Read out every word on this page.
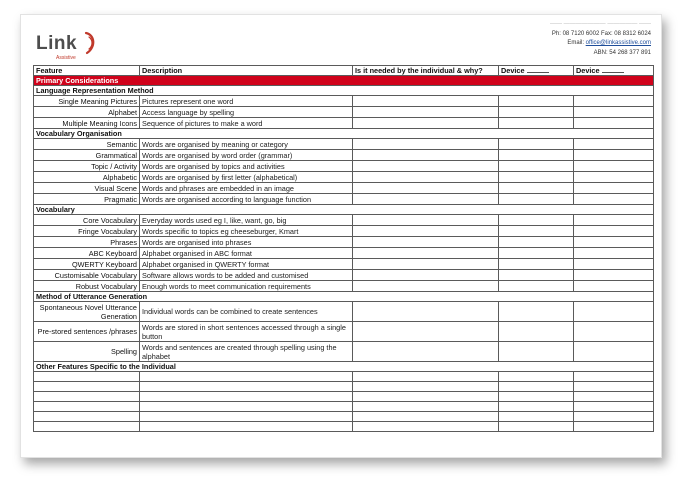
Link
Assistive
—— ——————— ————— ——
Ph: 08 7120 6002 Fax: 08 8312 6024
Email: office@linkassistive.com
ABN: 54 268 377 891
Feature	Description	Is it needed by the individual & why?	Device	Device
Primary Considerations				
Language Representation Method				
Single Meaning Pictures	Pictures represent one word			
Alphabet	Access language by spelling			
Multiple Meaning Icons	Sequence of pictures to make a word			
Vocabulary Organisation				
Semantic	Words are organised by meaning or category			
Grammatical	Words are organised by word order (grammar)			
Topic / Activity	Words are organised by topics and activities			
Alphabetic	Words are organised by first letter (alphabetical)			
Visual Scene	Words and phrases are embedded in an image			
Pragmatic	Words are organised according to language function			
Vocabulary				
Core Vocabulary	Everyday words used eg I, like, want, go, big			
Fringe Vocabulary	Words specific to topics eg cheeseburger, Kmart			
Phrases	Words are organised into phrases			
ABC Keyboard	Alphabet organised in ABC format			
QWERTY Keyboard	Alphabet organised in QWERTY format			
Customisable Vocabulary	Software allows words to be added and customised			
Robust Vocabulary	Enough words to meet communication requirements			
Method of Utterance Generation				
Spontaneous Novel Utterance Generation	Individual words can be combined to create sentences			
Pre-stored sentences /phrases	Words are stored in short sentences accessed through a single button			
Spelling	Words and sentences are created through spelling using the alphabet			
Other Features Specific to the Individual				
